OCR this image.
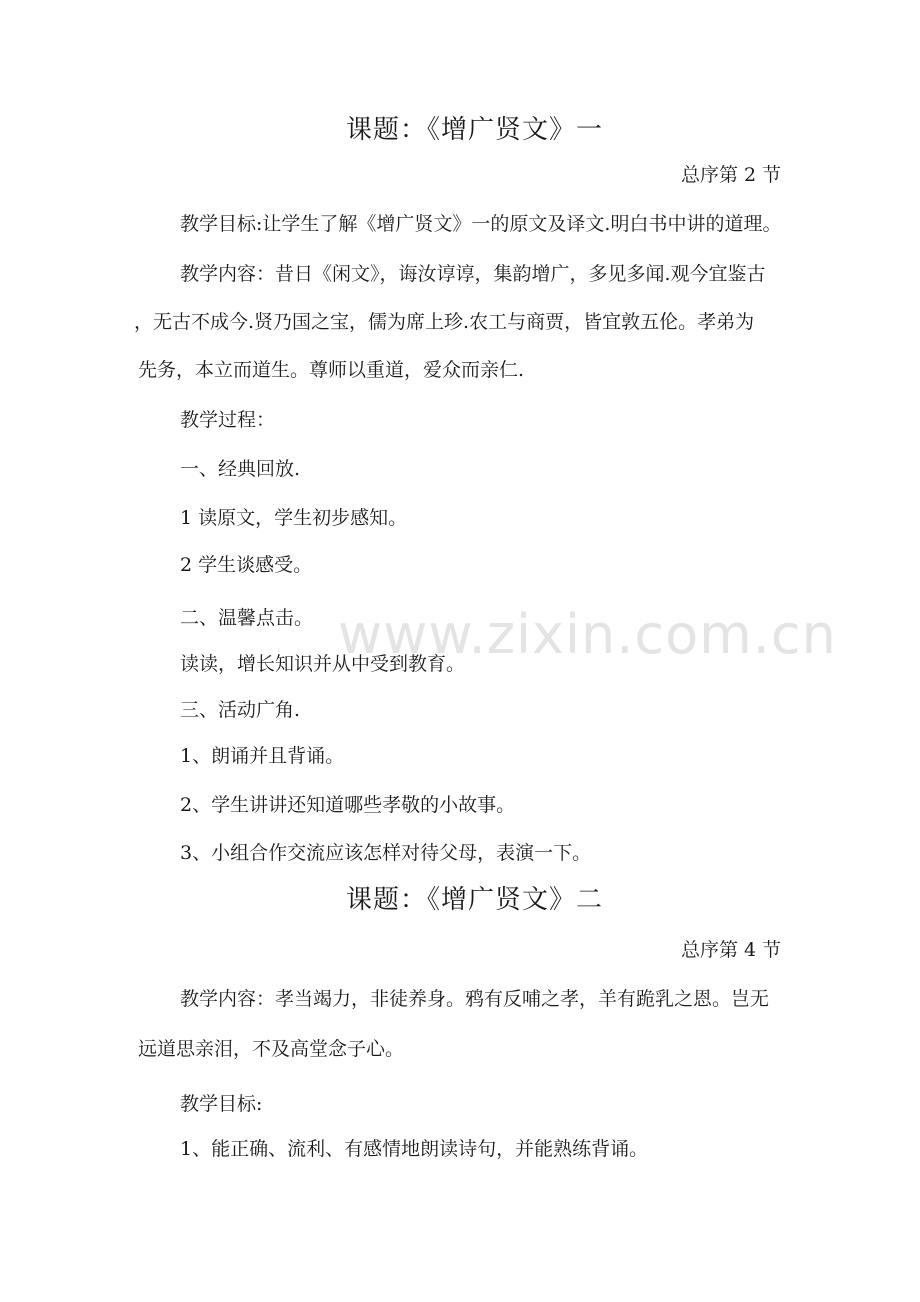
www.zixin.com.cn
课题：《增广贤文》一
总序第 2 节
教学目标:让学生了解《增广贤文》一的原文及译文.明白书中讲的道理。
教学内容：昔日《闲文》，诲汝谆谆，集韵增广，多见多闻.观今宜鉴古
，无古不成今.贤乃国之宝，儒为席上珍.农工与商贾，皆宜敦五伦。孝弟为
先务，本立而道生。尊师以重道，爱众而亲仁.
教学过程：
一、经典回放.
1 读原文，学生初步感知。
2 学生谈感受。
二、温馨点击。
读读，增长知识并从中受到教育。
三、活动广角.
1、朗诵并且背诵。
2、学生讲讲还知道哪些孝敬的小故事。
3、小组合作交流应该怎样对待父母，表演一下。
课题：《增广贤文》二
总序第 4 节
教学内容：孝当竭力，非徒养身。鸦有反哺之孝，羊有跪乳之恩。岂无
远道思亲泪，不及高堂念子心。
教学目标:
1、能正确、流利、有感情地朗读诗句，并能熟练背诵。
